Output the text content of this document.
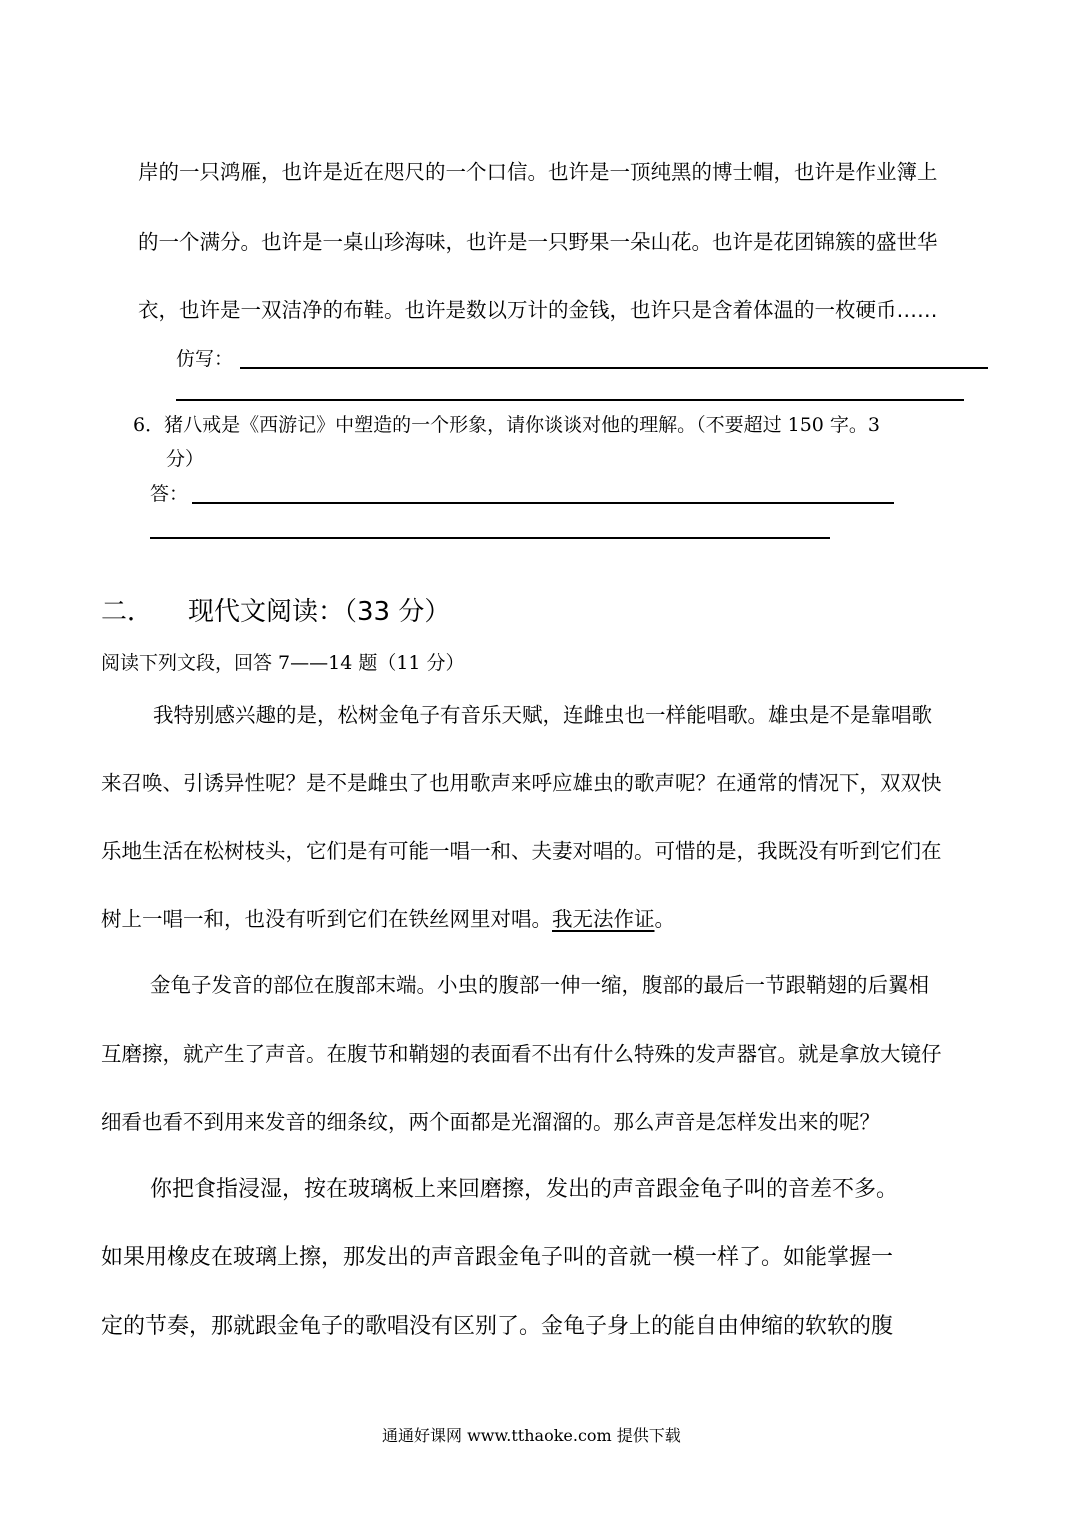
岸的一只鸿雁，也许是近在咫尺的一个口信。也许是一顶纯黑的博士帽，也许是作业簿上
的一个满分。也许是一桌山珍海味，也许是一只野果一朵山花。也许是花团锦簇的盛世华
衣，也许是一双洁净的布鞋。也许是数以万计的金钱，也许只是含着体温的一枚硬币……
仿写：
6．猪八戒是《西游记》中塑造的一个形象，请你谈谈对他的理解。（不要超过 150 字。3
分）
答：
二． 现代文阅读：（33 分）
阅读下列文段，回答 7——14 题（11 分）
我特别感兴趣的是，松树金龟子有音乐天赋，连雌虫也一样能唱歌。雄虫是不是靠唱歌
来召唤、引诱异性呢？是不是雌虫了也用歌声来呼应雄虫的歌声呢？在通常的情况下，双双快
乐地生活在松树枝头，它们是有可能一唱一和、夫妻对唱的。可惜的是，我既没有听到它们在
树上一唱一和，也没有听到它们在铁丝网里对唱。我无法作证。
金龟子发音的部位在腹部末端。小虫的腹部一伸一缩，腹部的最后一节跟鞘翅的后翼相
互磨擦，就产生了声音。在腹节和鞘翅的表面看不出有什么特殊的发声器官。就是拿放大镜仔
细看也看不到用来发音的细条纹，两个面都是光溜溜的。那么声音是怎样发出来的呢？
你把食指浸湿，按在玻璃板上来回磨擦，发出的声音跟金龟子叫的音差不多。
如果用橡皮在玻璃上擦，那发出的声音跟金龟子叫的音就一模一样了。如能掌握一
定的节奏，那就跟金龟子的歌唱没有区别了。金龟子身上的能自由伸缩的软软的腹
通通好课网 www.tthaoke.com 提供下载
